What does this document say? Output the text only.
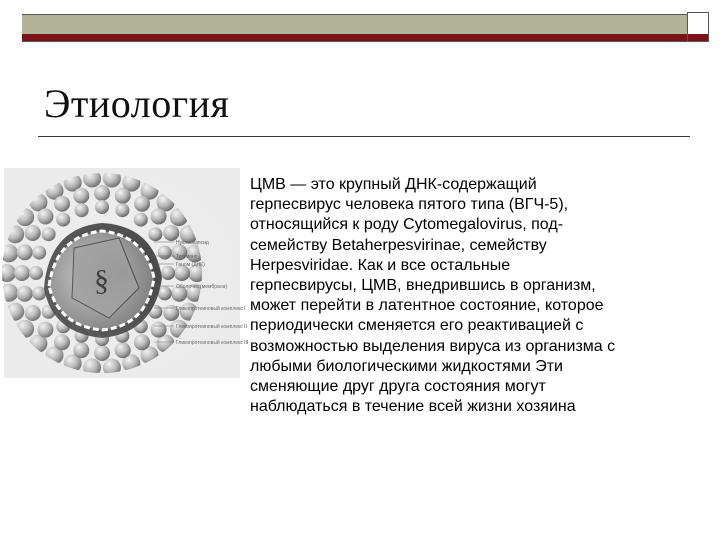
Этиология
§
Нуклеокапсид
Тегумент
Геном (ДНК)
Оболочка (мембрана)
Гликопротеиновый комплекс I
Гликопротеиновый комплекс II
Гликопротеиновый комплекс III

ЦМВ — это крупный ДНК-содержащий
герпесвирус человека пятого типа (ВГЧ-5),
относящийся к роду Cytomegalovirus, под-
семейству Betaherpesvirinae, семейству
Herpesviridae. Как и все остальные
герпесвирусы, ЦМВ, внедрившись в организм,
может перейти в латентное состояние, которое
периодически сменяется его реактивацией с
возможностью выделения вируса из организма с
любыми биологическими жидкостями Эти
сменяющие друг друга состояния могут
наблюдаться в течение всей жизни хозяина
